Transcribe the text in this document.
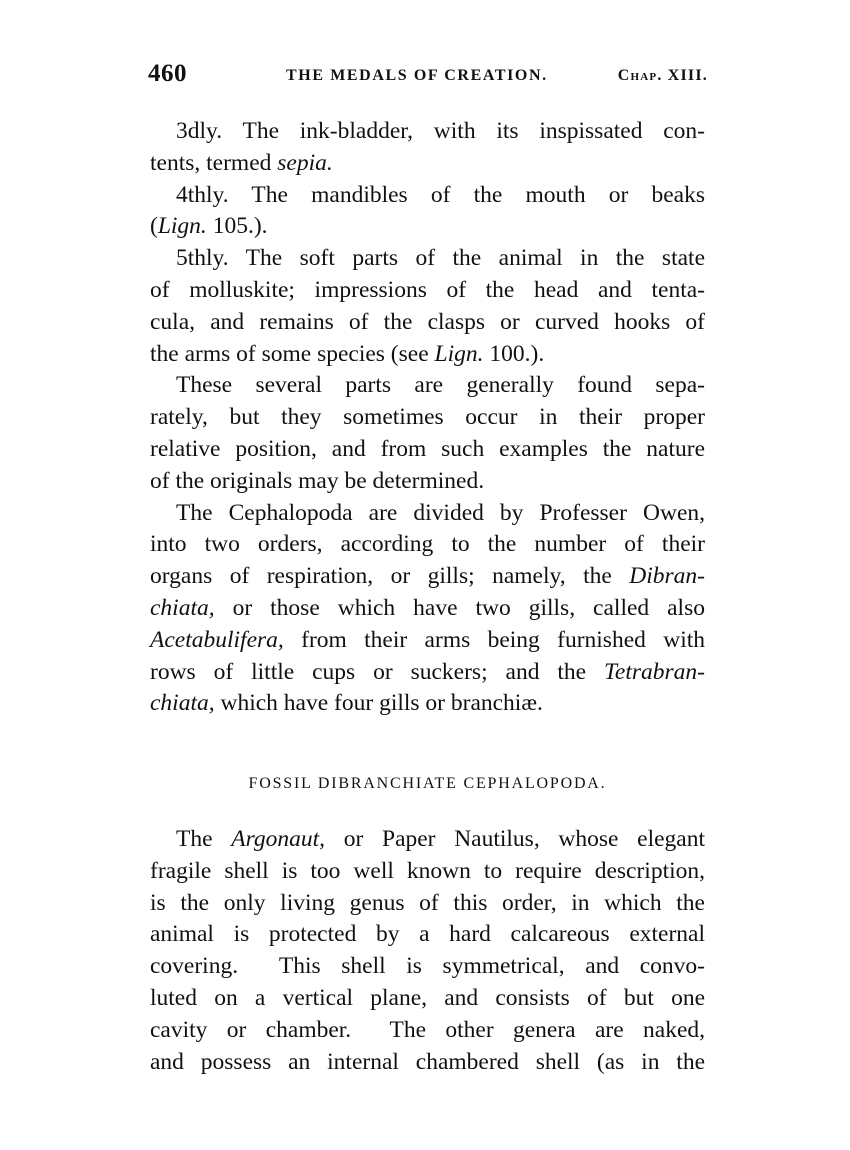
460	THE MEDALS OF CREATION.	Chap. XIII.

3dly. The ink-bladder, with its inspissated con-
tents, termed sepia.

4thly. The mandibles of the mouth or beaks
(Lign. 105.).

5thly. The soft parts of the animal in the state
of molluskite; impressions of the head and tenta-
cula, and remains of the clasps or curved hooks of
the arms of some species (see Lign. 100.).

These several parts are generally found sepa-
rately, but they sometimes occur in their proper
relative position, and from such examples the nature
of the originals may be determined.

The Cephalopoda are divided by Professer Owen,
into two orders, according to the number of their
organs of respiration, or gills; namely, the Dibran-
chiata, or those which have two gills, called also
Acetabulifera, from their arms being furnished with
rows of little cups or suckers; and the Tetrabran-
chiata, which have four gills or branchiæ.

FOSSIL DIBRANCHIATE CEPHALOPODA.

The Argonaut, or Paper Nautilus, whose elegant
fragile shell is too well known to require description,
is the only living genus of this order, in which the
animal is protected by a hard calcareous external
covering.  This shell is symmetrical, and convo-
luted on a vertical plane, and consists of but one
cavity or chamber.  The other genera are naked,
and possess an internal chambered shell (as in the
